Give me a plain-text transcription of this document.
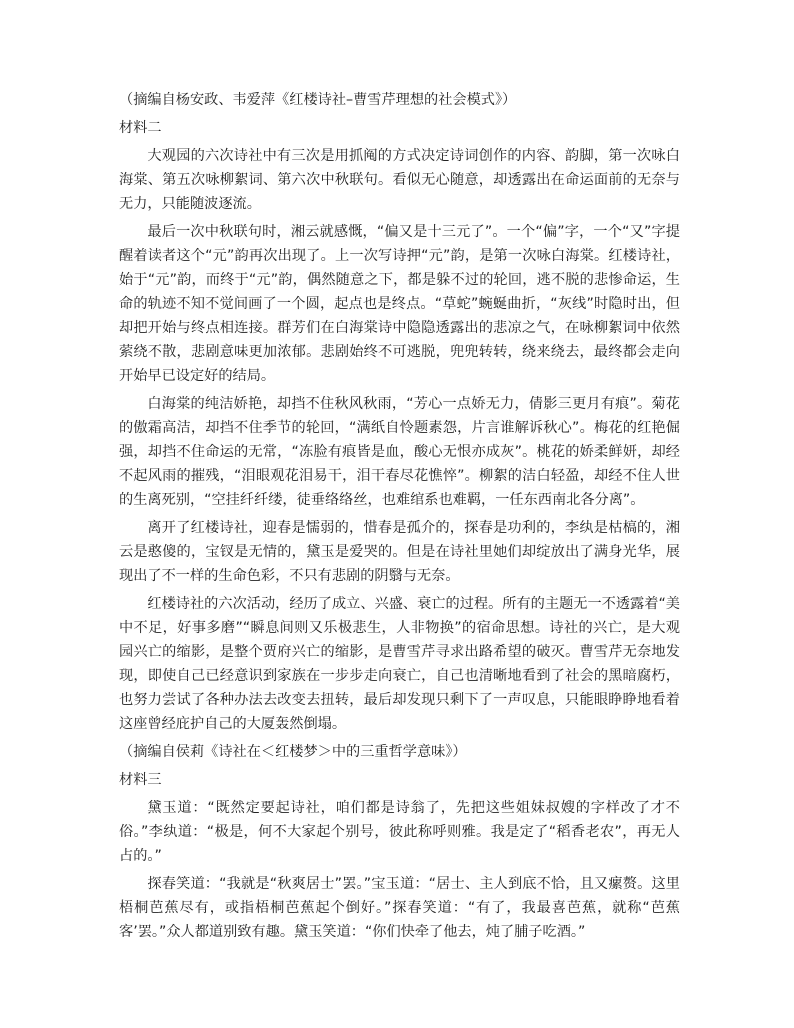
（摘编自杨安政、韦爱萍《红楼诗社–曹雪芹理想的社会模式》）

材料二

大观园的六次诗社中有三次是用抓阄的方式决定诗词创作的内容、韵脚，第一次咏白海棠、第五次咏柳絮词、第六次中秋联句。看似无心随意，却透露出在命运面前的无奈与无力，只能随波逐流。

最后一次中秋联句时，湘云就感慨，“偏又是十三元了”。一个“偏”字，一个“又”字提醒着读者这个“元”韵再次出现了。上一次写诗押“元”韵，是第一次咏白海棠。红楼诗社，始于“元”韵，而终于“元”韵，偶然随意之下，都是躲不过的轮回，逃不脱的悲惨命运，生命的轨迹不知不觉间画了一个圆，起点也是终点。“草蛇”蜿蜒曲折，“灰线”时隐时出，但却把开始与终点相连接。群芳们在白海棠诗中隐隐透露出的悲凉之气，在咏柳絮词中依然萦绕不散，悲剧意味更加浓郁。悲剧始终不可逃脱，兜兜转转，绕来绕去，最终都会走向开始早已设定好的结局。

白海棠的纯洁娇艳，却挡不住秋风秋雨，“芳心一点娇无力，倩影三更月有痕”。菊花的傲霜高洁，却挡不住季节的轮回，“满纸自怜题素怨，片言谁解诉秋心”。梅花的红艳倔强，却挡不住命运的无常，“冻脸有痕皆是血，酸心无恨亦成灰”。桃花的娇柔鲜妍，却经不起风雨的摧残，“泪眼观花泪易干，泪干春尽花憔悴”。柳絮的洁白轻盈，却经不住人世的生离死别，“空挂纤纤缕，徒垂络络丝，也难绾系也难羁，一任东西南北各分离”。

离开了红楼诗社，迎春是懦弱的，惜春是孤介的，探春是功利的，李纨是枯槁的，湘云是憨傻的，宝钗是无情的，黛玉是爱哭的。但是在诗社里她们却绽放出了满身光华，展现出了不一样的生命色彩，不只有悲剧的阴翳与无奈。

红楼诗社的六次活动，经历了成立、兴盛、衰亡的过程。所有的主题无一不透露着“美中不足，好事多磨”“瞬息间则又乐极悲生，人非物换”的宿命思想。诗社的兴亡，是大观园兴亡的缩影，是整个贾府兴亡的缩影，是曹雪芹寻求出路希望的破灭。曹雪芹无奈地发现，即使自己已经意识到家族在一步步走向衰亡，自己也清晰地看到了社会的黑暗腐朽，也努力尝试了各种办法去改变去扭转，最后却发现只剩下了一声叹息，只能眼睁睁地看着这座曾经庇护自己的大厦轰然倒塌。

（摘编自侯莉《诗社在＜红楼梦＞中的三重哲学意味》）

材料三

黛玉道：“既然定要起诗社，咱们都是诗翁了，先把这些姐妹叔嫂的字样改了才不俗。”李纨道：“极是，何不大家起个别号，彼此称呼则雅。我是定了“稻香老农”，再无人占的。”

探春笑道：“我就是“秋爽居士”罢。”宝玉道：“居士、主人到底不恰，且又瘰赘。这里梧桐芭蕉尽有，或指梧桐芭蕉起个倒好。”探春笑道：“有了，我最喜芭蕉，就称“芭蕉客’罢。”众人都道别致有趣。黛玉笑道：“你们快牵了他去，炖了脯子吃酒。”
